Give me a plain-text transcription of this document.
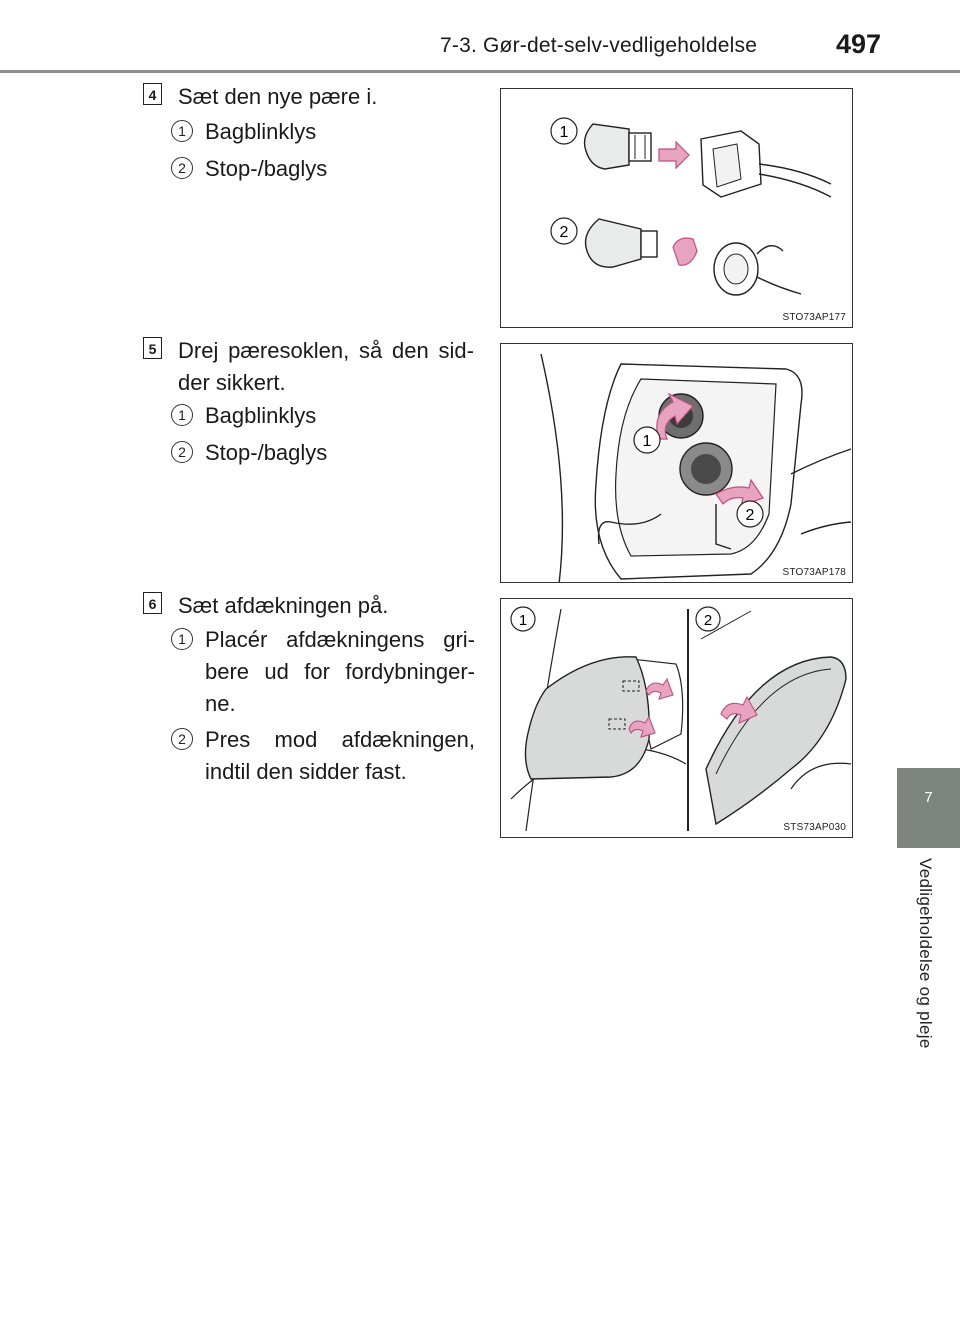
7-3. Gør-det-selv-vedligeholdelse	497
7
Vedligeholdelse og pleje
4 Sæt den nye pære i.
1 Bagblinklys
2 Stop-/baglys
1
2
STO73AP177
5 Drej pæresoklen, så den sid-der sikkert.
1 Bagblinklys
2 Stop-/baglys	1
2
STO73AP178
6 Sæt afdækningen på.
1 Placér afdækningens gri-bere ud for fordybninger-ne.
2 Pres mod afdækningen, indtil den sidder fast.
1	2
STS73AP030
